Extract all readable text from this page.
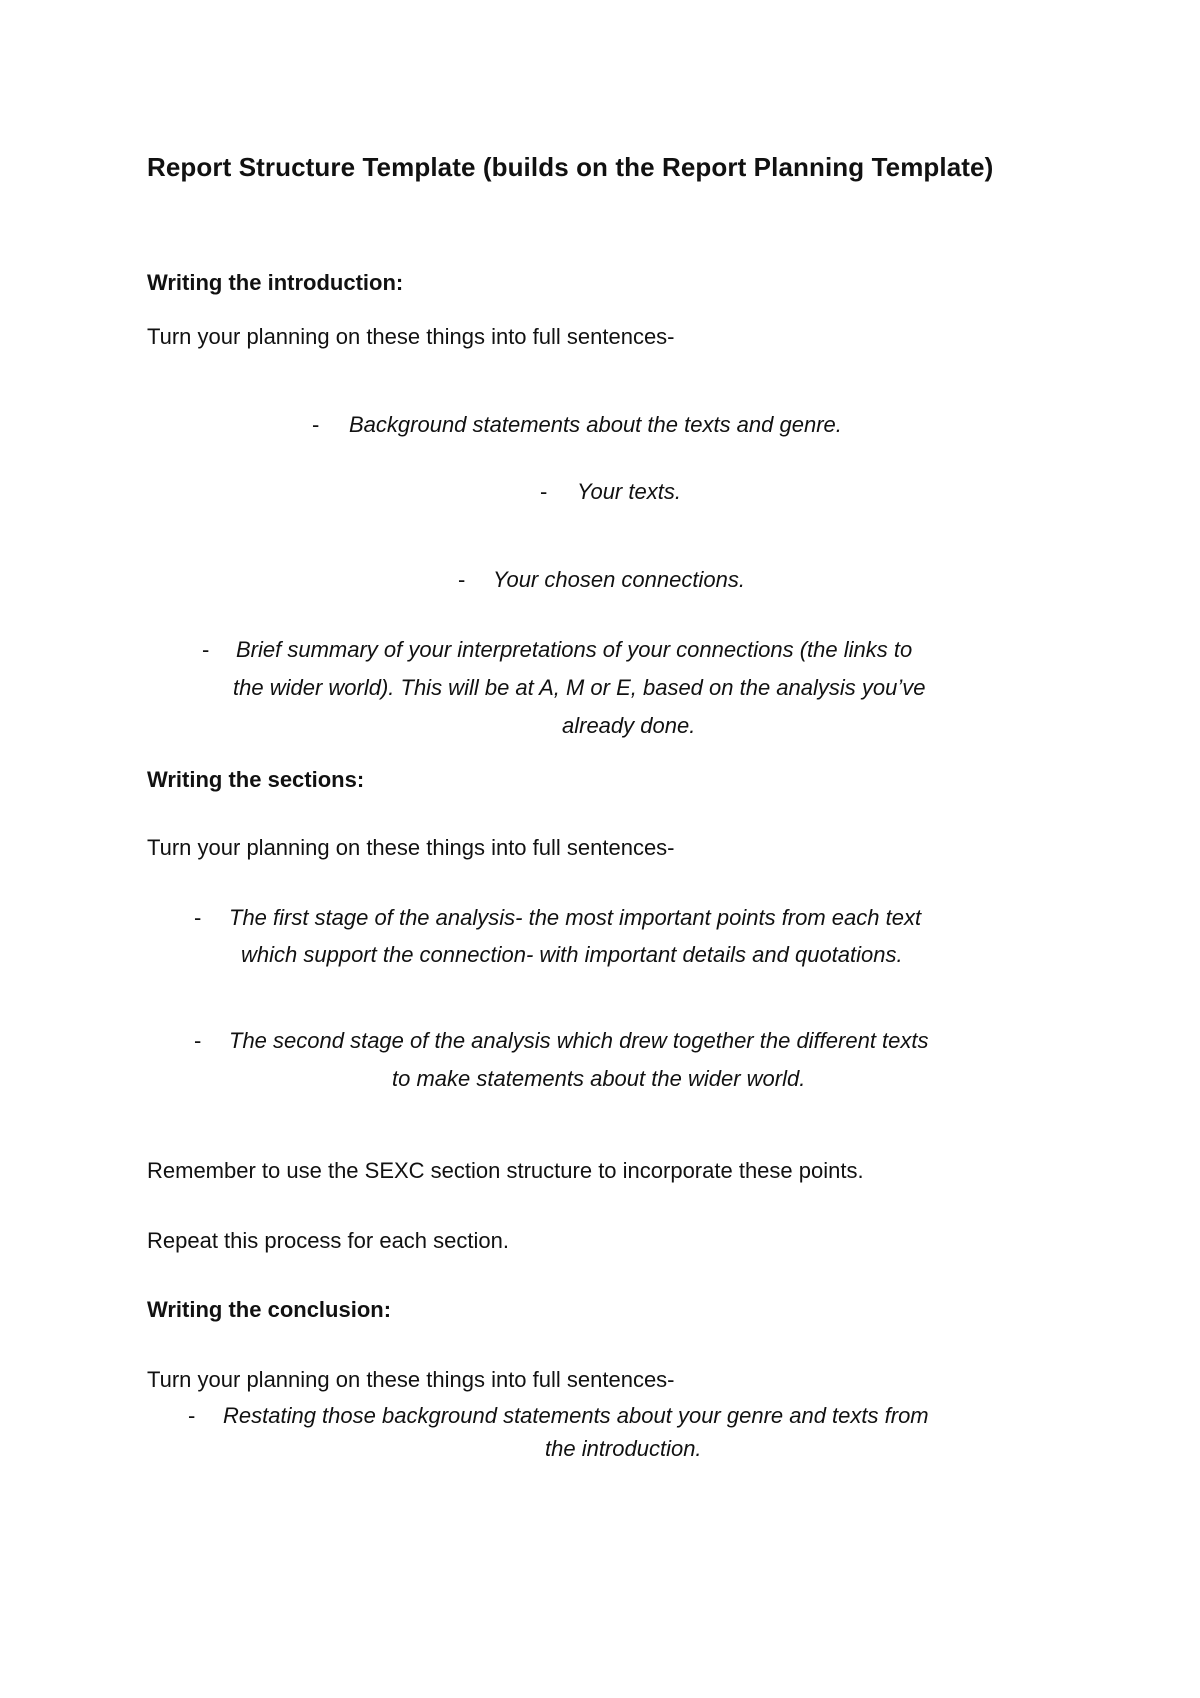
Report Structure Template (builds on the Report Planning Template)
Writing the introduction:
Turn your planning on these things into full sentences-
- Background statements about the texts and genre.
- Your texts.
- Your chosen connections.
- Brief summary of your interpretations of your connections (the links to
the wider world). This will be at A, M or E, based on the analysis you’ve
already done.
Writing the sections:
Turn your planning on these things into full sentences-
- The first stage of the analysis- the most important points from each text
which support the connection- with important details and quotations.
- The second stage of the analysis which drew together the different texts
to make statements about the wider world.
Remember to use the SEXC section structure to incorporate these points.
Repeat this process for each section.
Writing the conclusion:
Turn your planning on these things into full sentences-
- Restating those background statements about your genre and texts from
the introduction.
